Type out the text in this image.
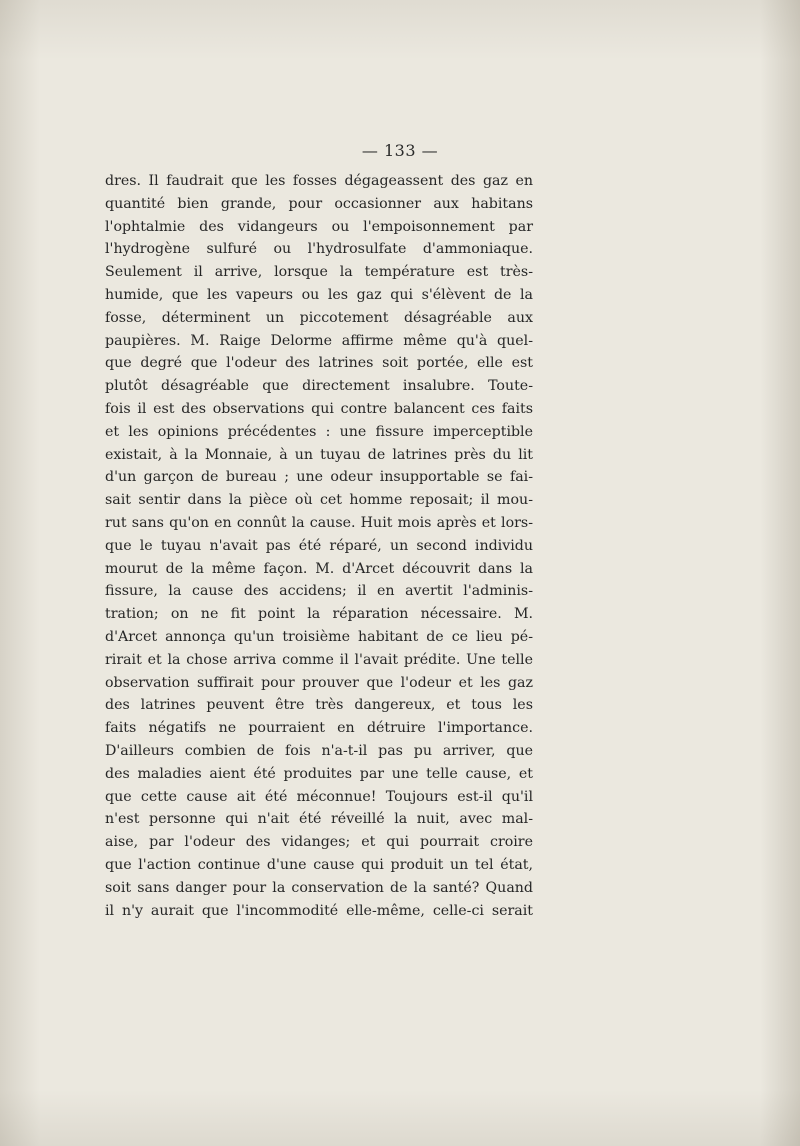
— 133 —
dres. Il faudrait que les fosses dégageassent des gaz en
quantité bien grande, pour occasionner aux habitans
l'ophtalmie des vidangeurs ou l'empoisonnement par
l'hydrogène sulfuré ou l'hydrosulfate d'ammoniaque.
Seulement il arrive, lorsque la température est très-
humide, que les vapeurs ou les gaz qui s'élèvent de la
fosse, déterminent un piccotement désagréable aux
paupières. M. Raige Delorme affirme même qu'à quel-
que degré que l'odeur des latrines soit portée, elle est
plutôt désagréable que directement insalubre. Toute-
fois il est des observations qui contre balancent ces faits
et les opinions précédentes : une fissure imperceptible
existait, à la Monnaie, à un tuyau de latrines près du lit
d'un garçon de bureau ; une odeur insupportable se fai-
sait sentir dans la pièce où cet homme reposait; il mou-
rut sans qu'on en connût la cause. Huit mois après et lors-
que le tuyau n'avait pas été réparé, un second individu
mourut de la même façon. M. d'Arcet découvrit dans la
fissure, la cause des accidens; il en avertit l'adminis-
tration; on ne fit point la réparation nécessaire. M.
d'Arcet annonça qu'un troisième habitant de ce lieu pé-
rirait et la chose arriva comme il l'avait prédite. Une telle
observation suffirait pour prouver que l'odeur et les gaz
des latrines peuvent être très dangereux, et tous les
faits négatifs ne pourraient en détruire l'importance.
D'ailleurs combien de fois n'a-t-il pas pu arriver, que
des maladies aient été produites par une telle cause, et
que cette cause ait été méconnue! Toujours est-il qu'il
n'est personne qui n'ait été réveillé la nuit, avec mal-
aise, par l'odeur des vidanges; et qui pourrait croire
que l'action continue d'une cause qui produit un tel état,
soit sans danger pour la conservation de la santé? Quand
il n'y aurait que l'incommodité elle-même, celle-ci serait
